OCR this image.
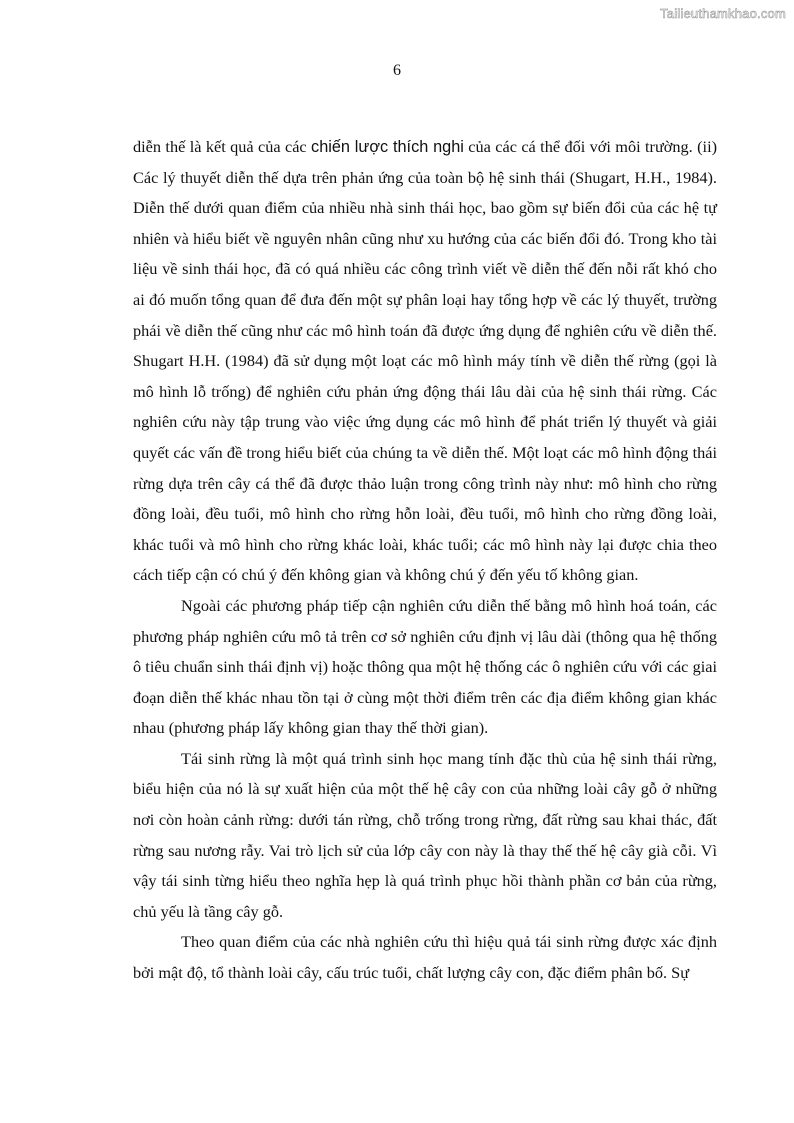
Tailieuthamkhao.com
6

diễn thế là kết quả của các chiến lược thích nghi của các cá thể đối với môi trường. (ii) Các lý thuyết diễn thế dựa trên phản ứng của toàn bộ hệ sinh thái (Shugart, H.H., 1984). Diễn thế dưới quan điểm của nhiều nhà sinh thái học, bao gồm sự biến đổi của các hệ tự nhiên và hiểu biết về nguyên nhân cũng như xu hướng của các biến đổi đó. Trong kho tài liệu về sinh thái học, đã có quá nhiều các công trình viết về diễn thế đến nỗi rất khó cho ai đó muốn tổng quan để đưa đến một sự phân loại hay tổng hợp về các lý thuyết, trường phái về diễn thế cũng như các mô hình toán đã được ứng dụng để nghiên cứu về diễn thế. Shugart H.H. (1984) đã sử dụng một loạt các mô hình máy tính về diễn thế rừng (gọi là mô hình lỗ trống) để nghiên cứu phản ứng động thái lâu dài của hệ sinh thái rừng. Các nghiên cứu này tập trung vào việc ứng dụng các mô hình để phát triển lý thuyết và giải quyết các vấn đề trong hiểu biết của chúng ta về diễn thế. Một loạt các mô hình động thái rừng dựa trên cây cá thể đã được thảo luận trong công trình này như: mô hình cho rừng đồng loài, đều tuổi, mô hình cho rừng hỗn loài, đều tuổi, mô hình cho rừng đồng loài, khác tuổi và mô hình cho rừng khác loài, khác tuổi; các mô hình này lại được chia theo cách tiếp cận có chú ý đến không gian và không chú ý đến yếu tố không gian.

Ngoài các phương pháp tiếp cận nghiên cứu diễn thế bằng mô hình hoá toán, các phương pháp nghiên cứu mô tả trên cơ sở nghiên cứu định vị lâu dài (thông qua hệ thống ô tiêu chuẩn sinh thái định vị) hoặc thông qua một hệ thống các ô nghiên cứu với các giai đoạn diễn thế khác nhau tồn tại ở cùng một thời điểm trên các địa điểm không gian khác nhau (phương pháp lấy không gian thay thế thời gian).

Tái sinh rừng là một quá trình sinh học mang tính đặc thù của hệ sinh thái rừng, biểu hiện của nó là sự xuất hiện của một thế hệ cây con của những loài cây gỗ ở những nơi còn hoàn cảnh rừng: dưới tán rừng, chỗ trống trong rừng, đất rừng sau khai thác, đất rừng sau nương rẫy. Vai trò lịch sử của lớp cây con này là thay thế thế hệ cây già cỗi. Vì vậy tái sinh từng hiểu theo nghĩa hẹp là quá trình phục hồi thành phần cơ bản của rừng, chủ yếu là tầng cây gỗ.

Theo quan điểm của các nhà nghiên cứu thì hiệu quả tái sinh rừng được xác định bởi mật độ, tổ thành loài cây, cấu trúc tuổi, chất lượng cây con, đặc điểm phân bố. Sự
